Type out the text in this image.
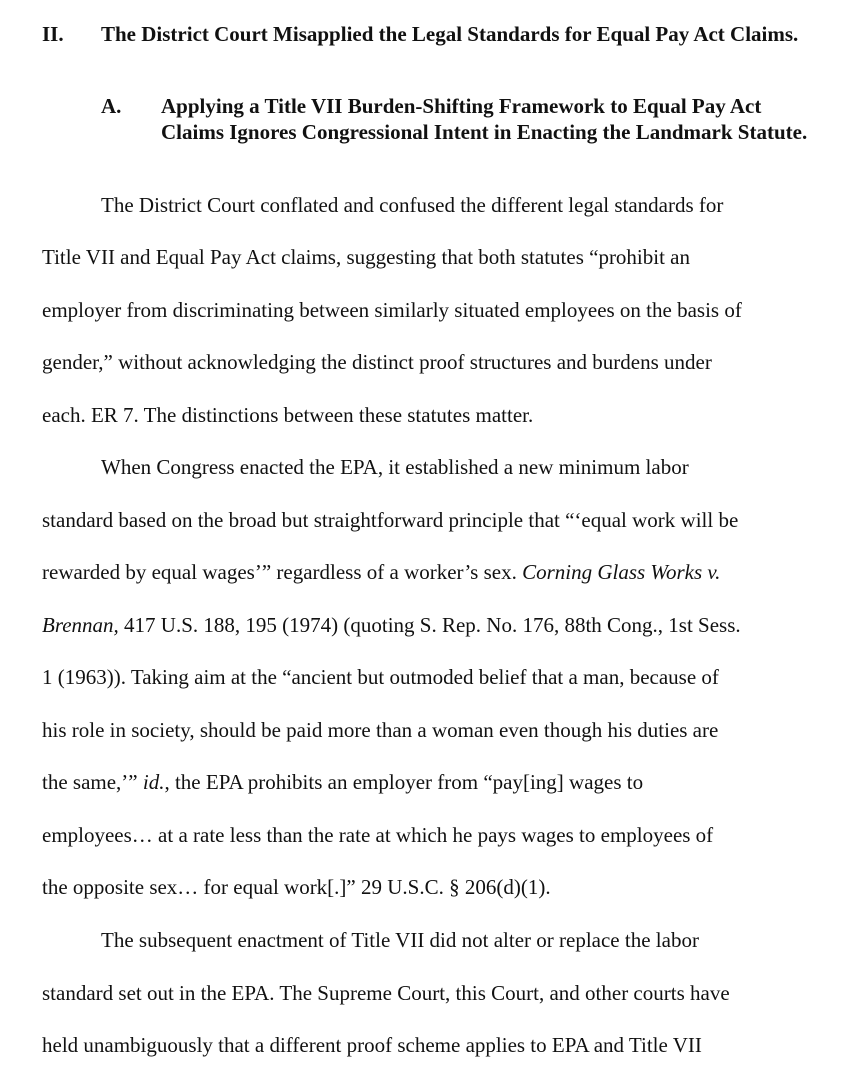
II. The District Court Misapplied the Legal Standards for Equal Pay Act Claims.
A. Applying a Title VII Burden-Shifting Framework to Equal Pay Act Claims Ignores Congressional Intent in Enacting the Landmark Statute.
The District Court conflated and confused the different legal standards for
Title VII and Equal Pay Act claims, suggesting that both statutes “prohibit an
employer from discriminating between similarly situated employees on the basis of
gender,” without acknowledging the distinct proof structures and burdens under
each. ER 7. The distinctions between these statutes matter.
When Congress enacted the EPA, it established a new minimum labor
standard based on the broad but straightforward principle that “‘equal work will be
rewarded by equal wages’” regardless of a worker’s sex. Corning Glass Works v.
Brennan, 417 U.S. 188, 195 (1974) (quoting S. Rep. No. 176, 88th Cong., 1st Sess.
1 (1963)). Taking aim at the “ancient but outmoded belief that a man, because of
his role in society, should be paid more than a woman even though his duties are
the same,’” id., the EPA prohibits an employer from “pay[ing] wages to
employees… at a rate less than the rate at which he pays wages to employees of
the opposite sex… for equal work[.]” 29 U.S.C. § 206(d)(1).
The subsequent enactment of Title VII did not alter or replace the labor
standard set out in the EPA. The Supreme Court, this Court, and other courts have
held unambiguously that a different proof scheme applies to EPA and Title VII
